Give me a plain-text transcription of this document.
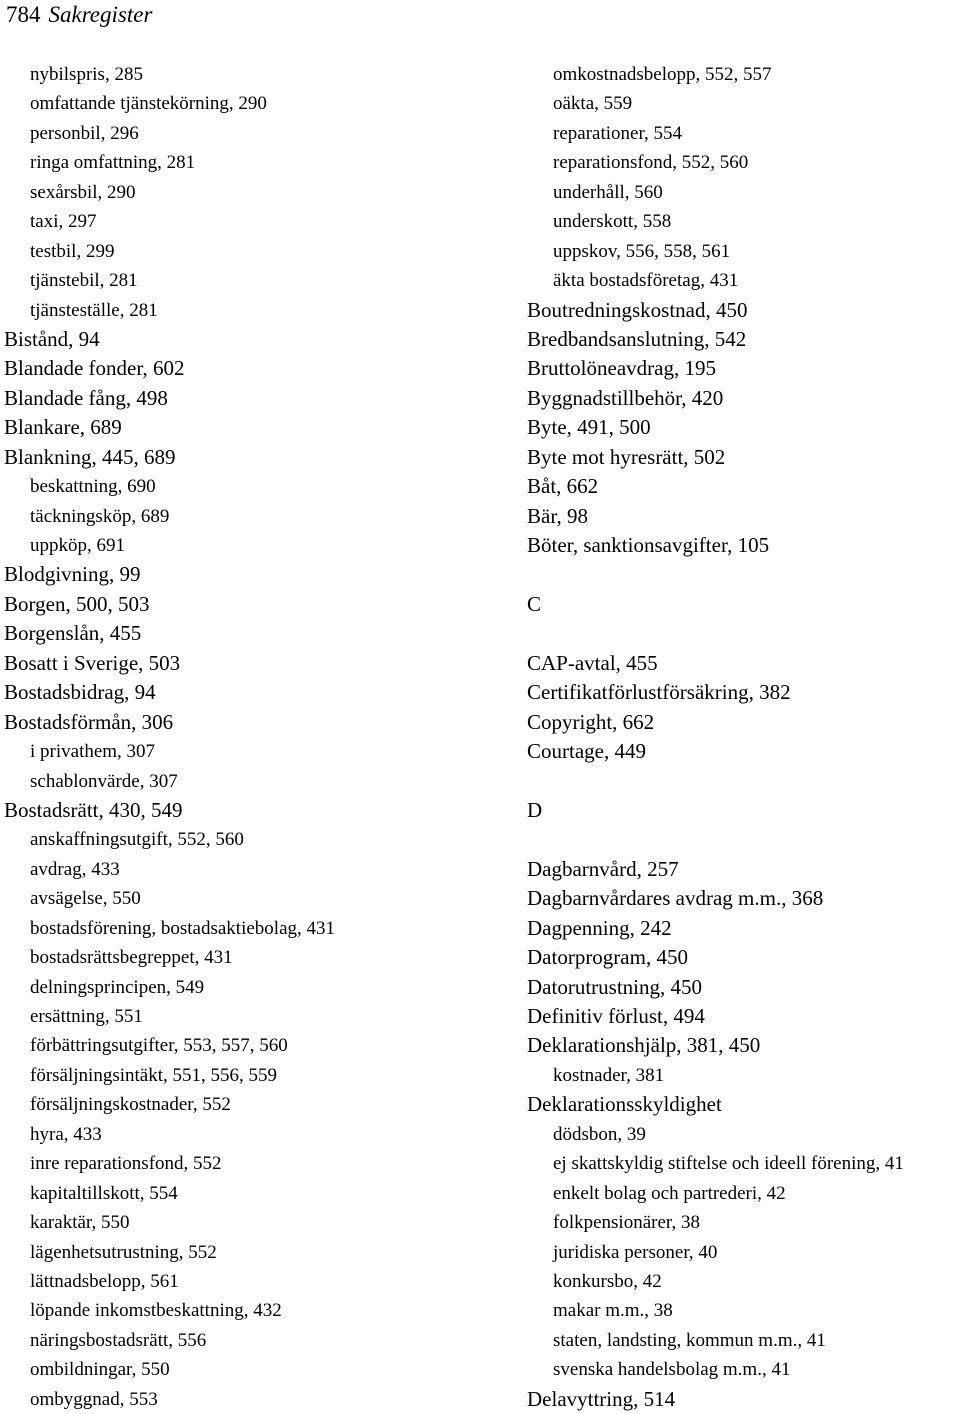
784 Sakregister
nybilspris, 285
omfattande tjänstekörning, 290
personbil, 296
ringa omfattning, 281
sexårsbil, 290
taxi, 297
testbil, 299
tjänstebil, 281
tjänsteställe, 281
Bistånd, 94
Blandade fonder, 602
Blandade fång, 498
Blankare, 689
Blankning, 445, 689
beskattning, 690
täckningsköp, 689
uppköp, 691
Blodgivning, 99
Borgen, 500, 503
Borgenslån, 455
Bosatt i Sverige, 503
Bostadsbidrag, 94
Bostadsförmån, 306
i privathem, 307
schablonvärde, 307
Bostadsrätt, 430, 549
anskaffningsutgift, 552, 560
avdrag, 433
avsägelse, 550
bostadsförening, bostadsaktiebolag, 431
bostadsrättsbegreppet, 431
delningsprincipen, 549
ersättning, 551
förbättringsutgifter, 553, 557, 560
försäljningsintäkt, 551, 556, 559
försäljningskostnader, 552
hyra, 433
inre reparationsfond, 552
kapitaltillskott, 554
karaktär, 550
lägenhetsutrustning, 552
lättnadsbelopp, 561
löpande inkomstbeskattning, 432
näringsbostadsrätt, 556
ombildningar, 550
ombyggnad, 553
omkostnadsbelopp, 552, 557
oäkta, 559
reparationer, 554
reparationsfond, 552, 560
underhåll, 560
underskott, 558
uppskov, 556, 558, 561
äkta bostadsföretag, 431
Boutredningskostnad, 450
Bredbandsanslutning, 542
Bruttolöneavdrag, 195
Byggnadstillbehör, 420
Byte, 491, 500
Byte mot hyresrätt, 502
Båt, 662
Bär, 98
Böter, sanktionsavgifter, 105
C
CAP-avtal, 455
Certifikatförlustförsäkring, 382
Copyright, 662
Courtage, 449
D
Dagbarnvård, 257
Dagbarnvårdares avdrag m.m., 368
Dagpenning, 242
Datorprogram, 450
Datorutrustning, 450
Definitiv förlust, 494
Deklarationshjälp, 381, 450
kostnader, 381
Deklarationsskyldighet
dödsbon, 39
ej skattskyldig stiftelse och ideell förening, 41
enkelt bolag och partrederi, 42
folkpensionärer, 38
juridiska personer, 40
konkursbo, 42
makar m.m., 38
staten, landsting, kommun m.m., 41
svenska handelsbolag m.m., 41
Delavyttring, 514
